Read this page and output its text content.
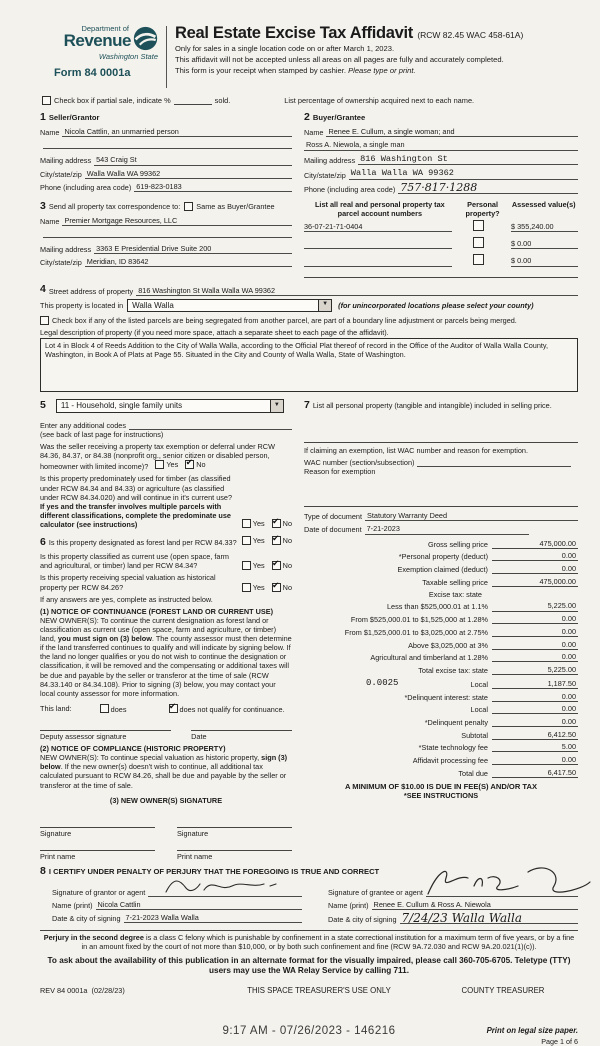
Department of
Revenue
Washington State
Form 84 0001a
Real Estate Excise Tax Affidavit (RCW 82.45 WAC 458-61A)
Only for sales in a single location code on or after March 1, 2023.
This affidavit will not be accepted unless all areas on all pages are fully and accurately completed.
This form is your receipt when stamped by cashier. Please type or print.
Check box if partial sale, indicate %	sold.	List percentage of ownership acquired next to each name.
1 Seller/Grantor
Name Nicola Cattlin, an unmarried person
Mailing address 543 Craig St
City/state/zip Walla Walla WA 99362
Phone (including area code) 619-823-0183
3 Send all property tax correspondence to: Same as Buyer/Grantee
Name Premier Mortgage Resources, LLC
Mailing address 3363 E Presidential Drive Suite 200
City/state/zip Meridian, ID 83642
2 Buyer/Grantee
Name Renee E. Cullum, a single woman; and
Ross A. Niewola, a single man
Mailing address 816 Washington St
City/state/zip Walla Walla WA 99362
Phone (including area code) 757·817·1288
List all real and personal property tax parcel account numbers
Personal property?
Assessed value(s)
36-07-21-71-0404	$ 355,240.00
$ 0.00
$ 0.00
4 Street address of property 816 Washington St Walla Walla WA 99362
This property is located in	Walla Walla	▼	(for unincorporated locations please select your county)
Check box if any of the listed parcels are being segregated from another parcel, are part of a boundary line adjustment or parcels being merged.
Legal description of property (if you need more space, attach a separate sheet to each page of the affidavit).
Lot 4 in Block 4 of Reeds Addition to the City of Walla Walla, according to the Official Plat thereof of record in the Office of the Auditor of Walla Walla County, Washington, in Book A of Plats at Page 55. Situated in the City and County of Walla Walla, State of Washington.
5	11 - Household, single family units	▼
Enter any additional codes
(see back of last page for instructions)
Was the seller receiving a property tax exemption or deferral under RCW 84.36, 84.37, or 84.38 (nonprofit org., senior citizen or disabled person, homeowner with limited income)? Yes ✔ No
Is this property predominately used for timber (as classified under RCW 84.34 and 84.33) or agriculture (as classified under RCW 84.34.020) and will continue in it's current use? If yes and the transfer involves multiple parcels with different classifications, complete the predominate use calculator (see instructions)	Yes ✔ No
6 Is this property designated as forest land per RCW 84.33? Yes ✔ No
Is this property classified as current use (open space, farm and agricultural, or timber) land per RCW 84.34?	Yes ✔ No
Is this property receiving special valuation as historical property per RCW 84.26?	Yes ✔ No
If any answers are yes, complete as instructed below.
(1) NOTICE OF CONTINUANCE (FOREST LAND OR CURRENT USE)
NEW OWNER(S): To continue the current designation as forest land or classification as current use (open space, farm and agriculture, or timber) land, you must sign on (3) below. The county assessor must then determine if the land transferred continues to qualify and will indicate by signing below. If the land no longer qualifies or you do not wish to continue the designation or classification, it will be removed and the compensating or additional taxes will be due and payable by the seller or transferor at the time of sale (RCW 84.33.140 or 84.34.108). Prior to signing (3) below, you may contact your local county assessor for more information.
This land:	does	✔ does not qualify for continuance.
Deputy assessor signature	Date
(2) NOTICE OF COMPLIANCE (HISTORIC PROPERTY)
NEW OWNER(S): To continue special valuation as historic property, sign (3) below. If the new owner(s) doesn't wish to continue, all additional tax calculated pursuant to RCW 84.26, shall be due and payable by the seller or transferor at the time of sale.
(3) NEW OWNER(S) SIGNATURE
Signature
Print name
Signature
Print name
7 List all personal property (tangible and intangible) included in selling price.
If claiming an exemption, list WAC number and reason for exemption.
WAC number (section/subsection)
Reason for exemption
Type of document Statutory Warranty Deed
Date of document 7-21-2023
Gross selling price	475,000.00
*Personal property (deduct)	0.00
Exemption claimed (deduct)	0.00
Taxable selling price	475,000.00
Excise tax: state
Less than $525,000.01 at 1.1%	5,225.00
From $525,000.01 to $1,525,000 at 1.28%	0.00
From $1,525,000.01 to $3,025,000 at 2.75%	0.00
Above $3,025,000 at 3%	0.00
Agricultural and timberland at 1.28%	0.00
Total excise tax: state	5,225.00
0.0025	Local	1,187.50
*Delinquent interest: state	0.00
Local	0.00
*Delinquent penalty	0.00
Subtotal	6,412.50
*State technology fee	5.00
Affidavit processing fee	0.00
Total due	6,417.50
A MINIMUM OF $10.00 IS DUE IN FEE(S) AND/OR TAX
*SEE INSTRUCTIONS
8 I CERTIFY UNDER PENALTY OF PERJURY THAT THE FOREGOING IS TRUE AND CORRECT
Signature of grantor or agent
Name (print) Nicola Cattlin
Date & city of signing 7-21-2023 Walla Walla
Signature of grantee or agent
Name (print) Renee E. Cullum & Ross A. Niewola
Date & city of signing 7/24/23 Walla Walla
Perjury in the second degree is a class C felony which is punishable by confinement in a state correctional institution for a maximum term of five years, or by a fine in an amount fixed by the court of not more than $10,000, or by both such confinement and fine (RCW 9A.72.030 and RCW 9A.20.021(1)(c)).
To ask about the availability of this publication in an alternate format for the visually impaired, please call 360-705-6705. Teletype (TTY) users may use the WA Relay Service by calling 711.
REV 84 0001a (02/28/23)	THIS SPACE TREASURER'S USE ONLY	COUNTY TREASURER
9:17 AM - 07/26/2023 - 146216	Print on legal size paper.
Page 1 of 6
